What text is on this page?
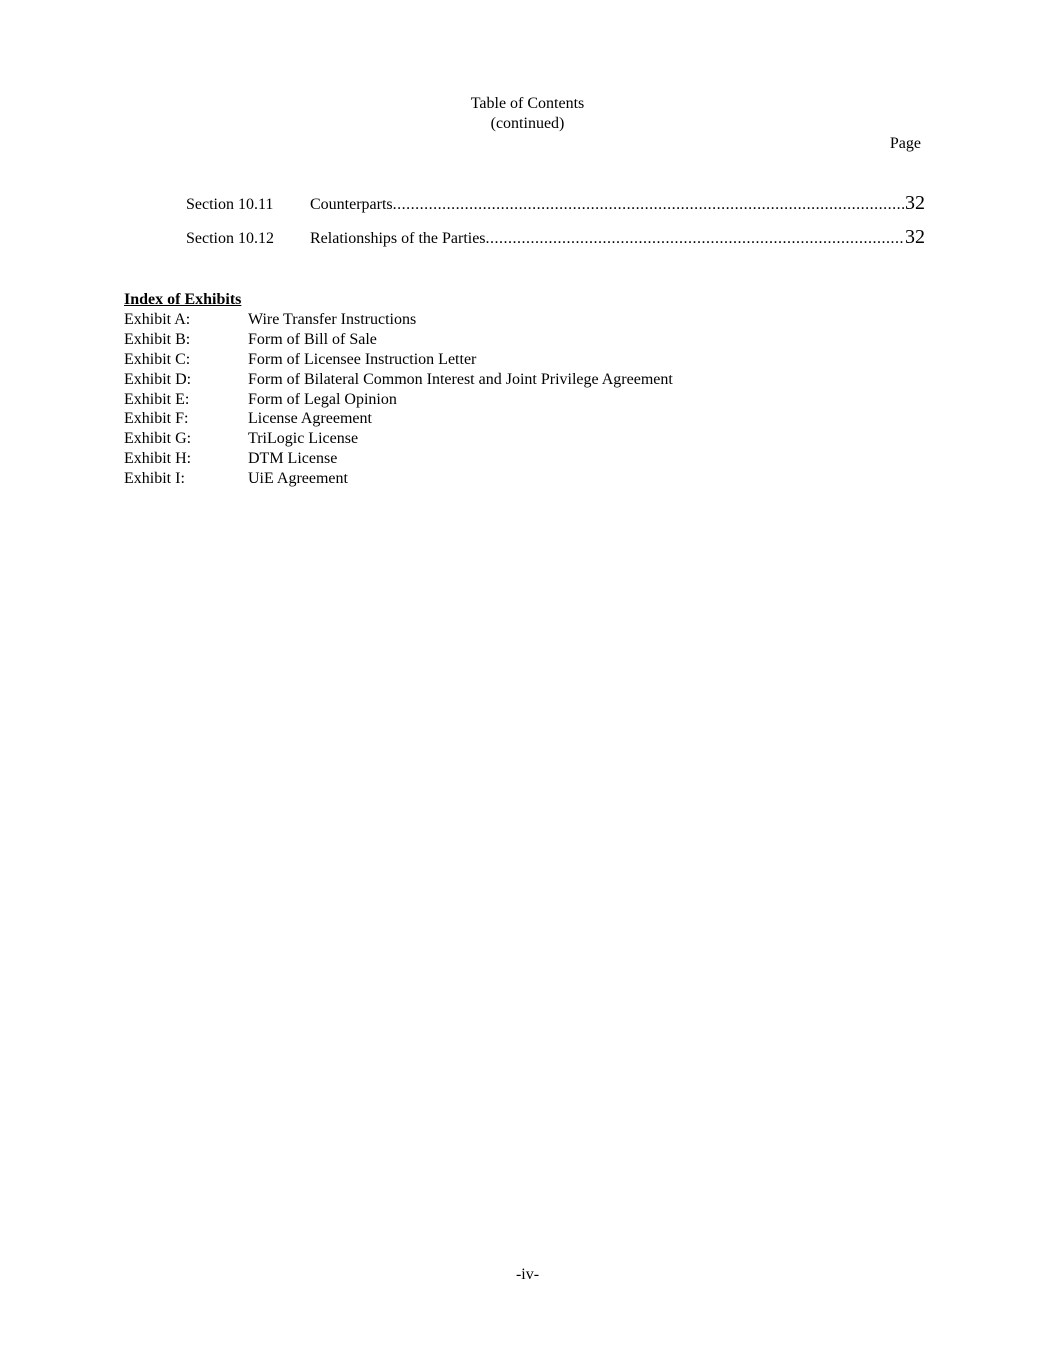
Table of Contents
(continued)
Page
Section 10.11	Counterparts .....	32
Section 10.12	Relationships of the Parties .....	32
Index of Exhibits
Exhibit A:	Wire Transfer Instructions
Exhibit B:	Form of Bill of Sale
Exhibit C:	Form of Licensee Instruction Letter
Exhibit D:	Form of Bilateral Common Interest and Joint Privilege Agreement
Exhibit E:	Form of Legal Opinion
Exhibit F:	License Agreement
Exhibit G:	TriLogic License
Exhibit H:	DTM License
Exhibit I:	UiE Agreement
-iv-
